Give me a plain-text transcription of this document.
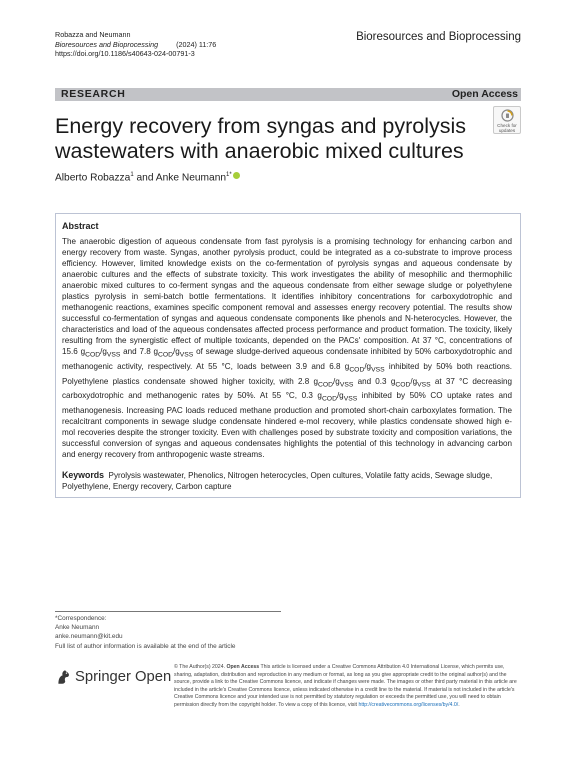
Robazza and Neumann
Bioresources and Bioprocessing (2024) 11:76
https://doi.org/10.1186/s40643-024-00791-3
Bioresources and Bioprocessing
RESEARCH	Open Access
Check for
updates
Energy recovery from syngas and pyrolysis wastewaters with anaerobic mixed cultures
Alberto Robazza$^1$ and Anke Neumann$^{1*}$
Abstract

The anaerobic digestion of aqueous condensate from fast pyrolysis is a promising technology for enhancing carbon and energy recovery from waste. Syngas, another pyrolysis product, could be integrated as a co-substrate to improve process efficiency. However, limited knowledge exists on the co-fermentation of pyrolysis syngas and aqueous condensate by anaerobic cultures and the effects of substrate toxicity. This work investigates the ability of mesophilic and thermophilic anaerobic mixed cultures to co-ferment syngas and the aqueous condensate from either sewage sludge or polyethylene plastics pyrolysis in semi-batch bottle fermentations. It identifies inhibitory concentrations for carboxydotrophic and methanogenic reactions, examines specific component removal and assesses energy recovery potential. The results show successful co-fermentation of syngas and aqueous condensate components like phenols and N-heterocycles. However, the characteristics and load of the aqueous condensates affected process performance and product formation. The toxicity, likely resulting from the synergistic effect of multiple toxicants, depended on the PACs' composition. At 37 °C, concentrations of 15.6 $g_{COD}/g_{VSS}$ and 7.8 $g_{COD}/g_{VSS}$ of sewage sludge-derived aqueous condensate inhibited by 50% carboxydotrophic and methanogenic activity, respectively. At 55 °C, loads between 3.9 and 6.8 $g_{COD}/g_{VSS}$ inhibited by 50% both reactions. Polyethylene plastics condensate showed higher toxicity, with 2.8 $g_{COD}/g_{VSS}$ and 0.3 $g_{COD}/g_{VSS}$ at 37 °C decreasing carboxydotrophic and methanogenic rates by 50%. At 55 °C, 0.3 $g_{COD}/g_{VSS}$ inhibited by 50% CO uptake rates and methanogenesis. Increasing PAC loads reduced methane production and promoted short-chain carboxylates formation. The recalcitrant components in sewage sludge condensate hindered e-mol recovery, while plastics condensate showed high e-mol recoveries despite the stronger toxicity. Even with challenges posed by substrate toxicity and composition variations, the successful conversion of syngas and aqueous condensates highlights the potential of this technology in advancing carbon and energy recovery from anthropogenic waste streams.

Keywords Pyrolysis wastewater, Phenolics, Nitrogen heterocycles, Open cultures, Volatile fatty acids, Sewage sludge, Polyethylene, Energy recovery, Carbon capture

*Correspondence:
Anke Neumann
anke.neumann@kit.edu
Full list of author information is available at the end of the article
Springer Open

© The Author(s) 2024. Open Access This article is licensed under a Creative Commons Attribution 4.0 International License, which permits use, sharing, adaptation, distribution and reproduction in any medium or format, as long as you give appropriate credit to the original author(s) and the source, provide a link to the Creative Commons licence, and indicate if changes were made. The images or other third party material in this article are included in the article's Creative Commons licence, unless indicated otherwise in a credit line to the material. If material is not included in the article's Creative Commons licence and your intended use is not permitted by statutory regulation or exceeds the permitted use, you will need to obtain permission directly from the copyright holder. To view a copy of this licence, visit http://creativecommons.org/licenses/by/4.0/.
